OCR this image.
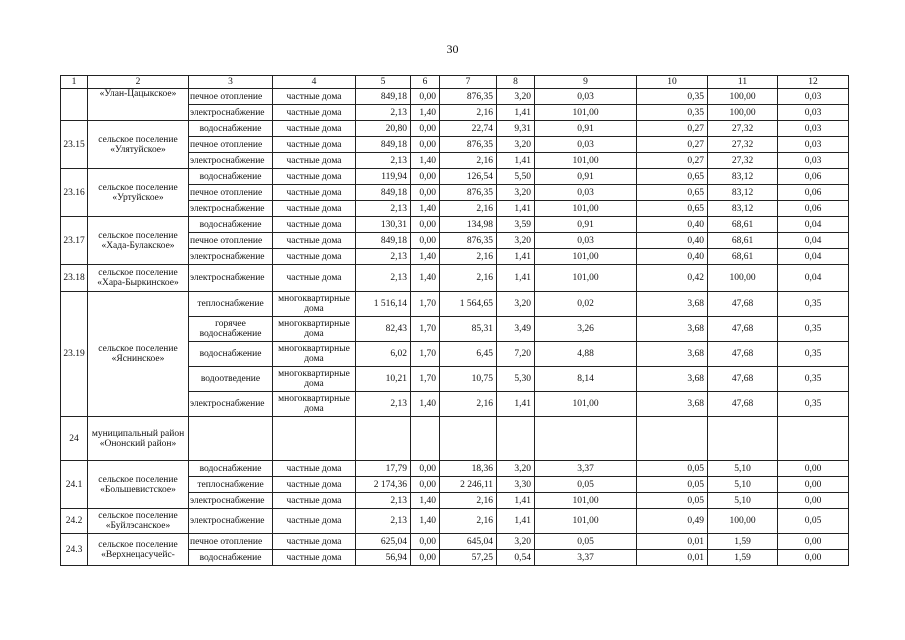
30
1	2	3	4	5	6	7	8	9	10	11	12
	«Улан-Цацыкское»	печное отопление	частные дома	849,18	0,00	876,35	3,20	0,03	0,35	100,00	0,03
		электроснабжение	частные дома	2,13	1,40	2,16	1,41	101,00	0,35	100,00	0,03
23.15	сельское поселение «Улятуйское»	водоснабжение	частные дома	20,80	0,00	22,74	9,31	0,91	0,27	27,32	0,03
		печное отопление	частные дома	849,18	0,00	876,35	3,20	0,03	0,27	27,32	0,03
		электроснабжение	частные дома	2,13	1,40	2,16	1,41	101,00	0,27	27,32	0,03
23.16	сельское поселение «Уртуйское»	водоснабжение	частные дома	119,94	0,00	126,54	5,50	0,91	0,65	83,12	0,06
		печное отопление	частные дома	849,18	0,00	876,35	3,20	0,03	0,65	83,12	0,06
		электроснабжение	частные дома	2,13	1,40	2,16	1,41	101,00	0,65	83,12	0,06
23.17	сельское поселение «Хада-Булакское»	водоснабжение	частные дома	130,31	0,00	134,98	3,59	0,91	0,40	68,61	0,04
		печное отопление	частные дома	849,18	0,00	876,35	3,20	0,03	0,40	68,61	0,04
		электроснабжение	частные дома	2,13	1,40	2,16	1,41	101,00	0,40	68,61	0,04
23.18	сельское поселение «Хара-Быркинское»	электроснабжение	частные дома	2,13	1,40	2,16	1,41	101,00	0,42	100,00	0,04
23.19	сельское поселение «Яснинское»	теплоснабжение	многоквартирные дома	1 516,14	1,70	1 564,65	3,20	0,02	3,68	47,68	0,35
		горячее водоснабжение	многоквартирные дома	82,43	1,70	85,31	3,49	3,26	3,68	47,68	0,35
		водоснабжение	многоквартирные дома	6,02	1,70	6,45	7,20	4,88	3,68	47,68	0,35
		водоотведение	многоквартирные дома	10,21	1,70	10,75	5,30	8,14	3,68	47,68	0,35
		электроснабжение	многоквартирные дома	2,13	1,40	2,16	1,41	101,00	3,68	47,68	0,35
24	муниципальный район «Ононский район»										
24.1	сельское поселение «Большевистское»	водоснабжение	частные дома	17,79	0,00	18,36	3,20	3,37	0,05	5,10	0,00
		теплоснабжение	частные дома	2 174,36	0,00	2 246,11	3,30	0,05	0,05	5,10	0,00
		электроснабжение	частные дома	2,13	1,40	2,16	1,41	101,00	0,05	5,10	0,00
24.2	сельское поселение «Буйлэсанское»	электроснабжение	частные дома	2,13	1,40	2,16	1,41	101,00	0,49	100,00	0,05
24.3	сельское поселение «Верхнецасучейс-	печное отопление	частные дома	625,04	0,00	645,04	3,20	0,05	0,01	1,59	0,00
		водоснабжение	частные дома	56,94	0,00	57,25	0,54	3,37	0,01	1,59	0,00
